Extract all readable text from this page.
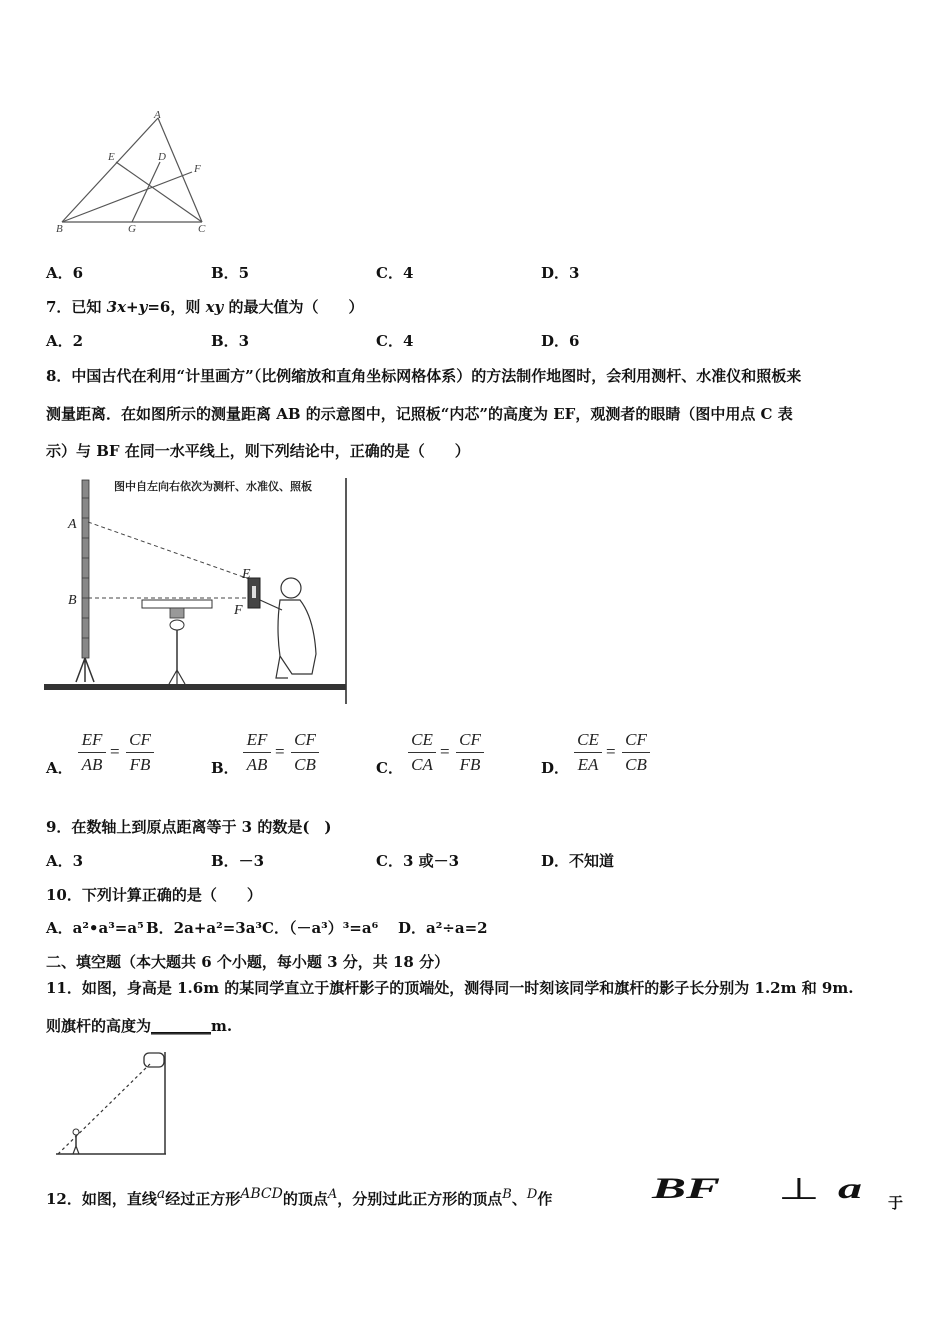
A
E	D
F
B	G	C
A．6	B．5	C．4	D．3
7．已知 3x+y=6，则 xy 的最大值为（　　）
A．2	B．3	C．4	D．6
8．中国古代在利用“计里画方”（比例缩放和直角坐标网格体系）的方法制作地图时，会利用测杆、水准仪和照板来
测量距离．在如图所示的测量距离 AB 的示意图中，记照板“内芯”的高度为 EF，观测者的眼睛（图中用点 C 表
示）与 BF 在同一水平线上，则下列结论中，正确的是（　　）
图中自左向右依次为测杆、水准仪、照板
A
B
E
F
A．
EF
AB
=
CF
FB	B．
EF
AB
=
CF
CB	C．
CE
CA
=
CF
FB	D．
CE
EA
=
CF
CB
9．在数轴上到原点距离等于 3 的数是(　)
A．3	B．－3	C．3 或－3	D．不知道
10．下列计算正确的是（　　）
A．a²•a³=a⁵ B．2a+a²=3a³ C．（－a³）³=a⁶ D．a²÷a=2
二、填空题（本大题共 6 个小题，每小题 3 分，共 18 分）
11．如图，身高是 1.6m 的某同学直立于旗杆影子的顶端处，测得同一时刻该同学和旗杆的影子长分别为 1.2m 和 9m.
则旗杆的高度为________m.
12．如图，直线$^a$经过正方形$^{ABCD}$的顶点$^A$，分别过此正方形的顶点$^B$、$^D$作	BF ⊥ a 于
